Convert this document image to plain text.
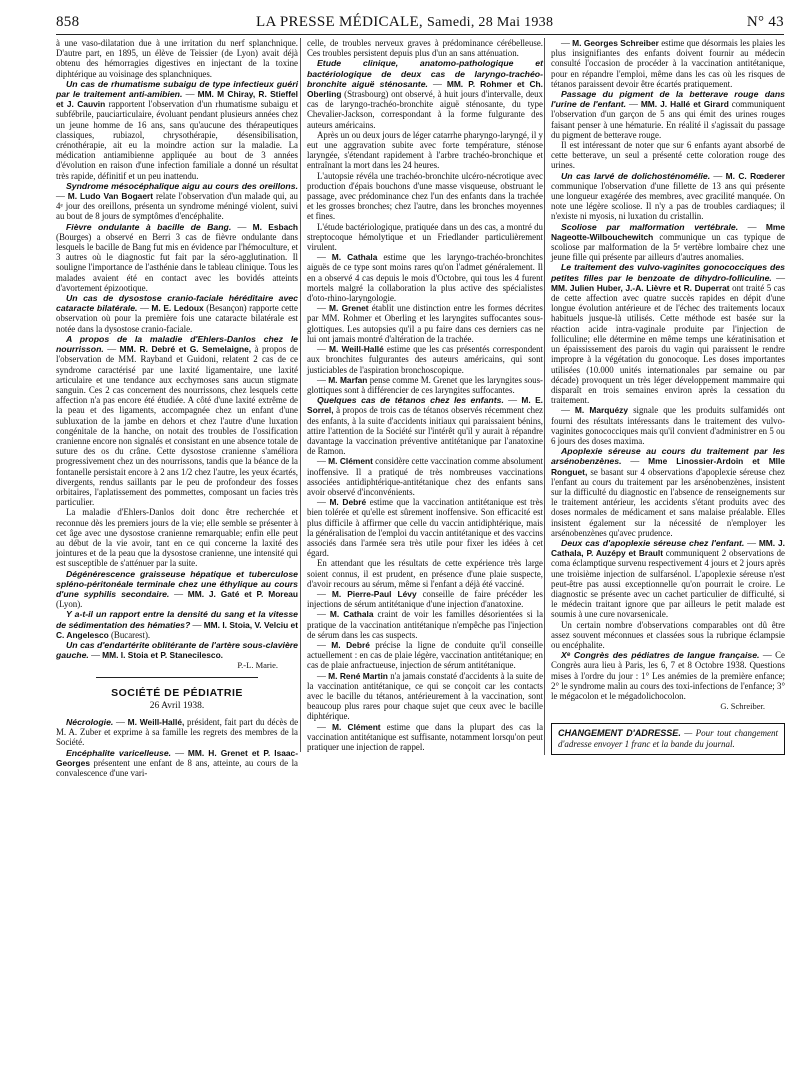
858	LA PRESSE MÉDICALE, Samedi, 28 Mai 1938	N° 43

à une vaso-dilatation due à une irritation du nerf splanchnique. D'autre part, en 1895, un élève de Teissier (de Lyon) avait déjà obtenu des hémorragies digestives en injectant de la toxine diphtérique au voisinage des splanchniques.

Un cas de rhumatisme subaigu de type infectieux guéri par le traitement anti-amibien. — MM. M Chiray, R. Stieffel et J. Cauvin rapportent l'observation d'un rhumatisme subaigu et subfébrile, pauciarticulaire, évoluant pendant plusieurs années chez un jeune homme de 16 ans, sans qu'aucune des thérapeutiques classiques, rubiazol, chrysothérapie, désensibilisation, crénothérapie, ait eu la moindre action sur la maladie. La médication antiamibienne appliquée au bout de 3 années d'évolution en raison d'une infection familiale a donné un résultat très rapide, définitif et un peu inattendu.

Syndrome mésocéphalique aigu au cours des oreillons. — M. Ludo Van Bogaert relate l'observation d'un malade qui, au 4ᵉ jour des oreillons, présenta un syndrome méningé violent, suivi au bout de 8 jours de symptômes d'encéphalite.

Fièvre ondulante à bacille de Bang. — M. Esbach (Bourges) a observé en Berri 3 cas de fièvre ondulante dans lesquels le bacille de Bang fut mis en évidence par l'hémoculture, et 3 autres où le diagnostic fut fait par la séro-agglutination. Il souligne l'importance de l'asthénie dans le tableau clinique. Tous les malades avaient été en contact avec les bovidés atteints d'avortement épizootique.

Un cas de dysostose cranio-faciale héréditaire avec cataracte bilatérale. — M. E. Ledoux (Besançon) rapporte cette observation où pour la première fois une cataracte bilatérale est notée dans la dysostose cranio-faciale.

A propos de la maladie d'Ehlers-Danlos chez le nourrisson. — MM. R. Debré et G. Semelaigne, à propos de l'observation de MM. Rayband et Guidoni, relatent 2 cas de ce syndrome caractérisé par une laxité ligamentaire, une laxité articulaire et une tendance aux ecchymoses sans aucun stigmate sanguin. Ces 2 cas concernent des nourrissons, chez lesquels cette affection n'a pas encore été étudiée. A côté d'une laxité extrême de la peau et des ligaments, accompagnée chez un enfant d'une subluxation de la jambe en dehors et chez l'autre d'une luxation congénitale de la hanche, on notait des troubles de l'ossification cranienne encore non signalés et consistant en une absence totale de suture des os du crâne. Cette dysostose cranienne s'améliora progressivement chez un des nourrissons, tandis que la béance de la fontanelle persistait encore à 2 ans 1/2 chez l'autre, les yeux écartés, divergents, rendus saillants par le peu de profondeur des fosses orbitaires, l'aplatissement des pommettes, composant un facies très particulier.

La maladie d'Ehlers-Danlos doit donc être recherchée et reconnue dès les premiers jours de la vie; elle semble se présenter à cet âge avec une dysostose cranienne remarquable; enfin elle peut au début de la vie avoir, tant en ce qui concerne la laxité des jointures et de la peau que la dysostose cranienne, une intensité qui est susceptible de s'atténuer par la suite.

Dégénérescence graisseuse hépatique et tuberculose spléno-péritonéale terminale chez une éthylique au cours d'une syphilis secondaire. — MM. J. Gaté et P. Moreau (Lyon).

Y a-t-il un rapport entre la densité du sang et la vitesse de sédimentation des hématies? — MM. I. Stoia, V. Velciu et C. Angelesco (Bucarest).

Un cas d'endartérite oblitérante de l'artère sous-clavière gauche. — MM. I. Stoia et P. Stanecilesco.

P.-L. Marie.
SOCIÉTÉ DE PÉDIATRIE
26 Avril 1938.

Nécrologie. — M. Weill-Hallé, président, fait part du décès de M. A. Zuber et exprime à sa famille les regrets des membres de la Société.

Encéphalite varicelleuse. — MM. H. Grenet et P. Isaac-Georges présentent une enfant de 8 ans, atteinte, au cours de la convalescence d'une vari-

celle, de troubles nerveux graves à prédominance cérébelleuse. Ces troubles persistent depuis plus d'un an sans atténuation.

Etude clinique, anatomo-pathologique et bactériologique de deux cas de laryngo-trachéo-bronchite aiguë sténosante. — MM. P. Rohmer et Ch. Oberling (Strasbourg) ont observé, à huit jours d'intervalle, deux cas de laryngo-trachéo-bronchite aiguë sténosante, du type Chevalier-Jackson, correspondant à la forme fulgurante des auteurs américains.

Après un ou deux jours de léger catarrhe pharyngo-laryngé, il y eut une aggravation subite avec forte température, sténose laryngée, s'étendant rapidement à l'arbre trachéo-bronchique et entraînant la mort dans les 24 heures.

L'autopsie révéla une trachéo-bronchite ulcéro-nécrotique avec production d'épais bouchons d'une masse visqueuse, obstruant le passage, avec prédominance chez l'un des enfants dans la trachée et les grosses bronches; chez l'autre, dans les bronches moyennes et fines.

L'étude bactériologique, pratiquée dans un des cas, a montré du streptocoque hémolytique et un Friedlander particulièrement virulent.

— M. Cathala estime que les laryngo-trachéo-bronchites aiguës de ce type sont moins rares qu'on l'admet généralement. Il en a observé 4 cas depuis le mois d'Octobre, qui tous les 4 furent mortels malgré la collaboration la plus active des spécialistes d'oto-rhino-laryngologie.

— M. Grenet établit une distinction entre les formes décrites par MM. Rohmer et Oberling et les laryngites suffocantes sous-glottiques. Les autopsies qu'il a pu faire dans ces derniers cas ne lui ont jamais montré d'altération de la trachée.

— M. Weill-Hallé estime que les cas présentés correspondent aux bronchites fulgurantes des auteurs américains, qui sont justiciables de l'aspiration bronchoscopique.

— M. Marfan pense comme M. Grenet que les laryngites sous-glottiques sont à différencier de ces laryngites suffocantes.

Quelques cas de tétanos chez les enfants. — M. E. Sorrel, à propos de trois cas de tétanos observés récemment chez des enfants, à la suite d'accidents initiaux qui paraissaient bénins, attire l'attention de la Société sur l'intérêt qu'il y aurait à répandre davantage la vaccination préventive antitétanique par l'anatoxine de Ramon.

— M. Clément considère cette vaccination comme absolument inoffensive. Il a pratiqué de très nombreuses vaccinations associées antidiphtérique-antitétanique chez des enfants sans avoir observé d'inconvénients.

— M. Debré estime que la vaccination antitétanique est très bien tolérée et qu'elle est sûrement inoffensive. Son efficacité est plus difficile à affirmer que celle du vaccin antidiphtérique, mais la généralisation de l'emploi du vaccin antitétanique et des vaccins associés dans l'armée sera très utile pour fixer les idées à cet égard.

En attendant que les résultats de cette expérience très large soient connus, il est prudent, en présence d'une plaie suspecte, d'avoir recours au sérum, même si l'enfant a déjà été vacciné.

— M. Pierre-Paul Lévy conseille de faire précéder les injections de sérum antitétanique d'une injection d'anatoxine.

— M. Cathala craint de voir les familles désorientées si la pratique de la vaccination antitétanique n'empêche pas l'injection de sérum dans les cas suspects.

— M. Debré précise la ligne de conduite qu'il conseille actuellement : en cas de plaie légère, vaccination antitétanique; en cas de plaie anfractueuse, injection de sérum antitétanique.

— M. René Martin n'a jamais constaté d'accidents à la suite de la vaccination antitétanique, ce qui se conçoit car les contacts avec le bacille du tétanos, antérieurement à la vaccination, sont beaucoup plus rares pour chaque sujet que ceux avec le bacille diphtérique.

— M. Clément estime que dans la plupart des cas la vaccination antitétanique est suffisante, notamment lorsqu'on peut pratiquer une injection de rappel.

— M. Georges Schreiber estime que désormais les plaies les plus insignifiantes des enfants doivent fournir au médecin consulté l'occasion de procéder à la vaccination antitétanique, pour en répandre l'emploi, même dans les cas où les risques de tétanos paraissent devoir être écartés pratiquement.

Passage du pigment de la betterave rouge dans l'urine de l'enfant. — MM. J. Hallé et Girard communiquent l'observation d'un garçon de 5 ans qui émit des urines rouges faisant penser à une hématurie. En réalité il s'agissait du passage du pigment de betterave rouge.

Il est intéressant de noter que sur 6 enfants ayant absorbé de cette betterave, un seul a présenté cette coloration rouge des urines.

Un cas larvé de dolichosténomélie. — M. C. Rœderer communique l'observation d'une fillette de 13 ans qui présente une longueur exagérée des membres, avec gracilité manquée. On note une légère scoliose. Il n'y a pas de troubles cardiaques; il n'existe ni myosis, ni luxation du cristallin.

Scoliose par malformation vertébrale. — Mme Nageotte-Wilbouchewitch communique un cas typique de scoliose par malformation de la 5ᵉ vertèbre lombaire chez une jeune fille qui présente par ailleurs d'autres anomalies.

Le traitement des vulvo-vaginites gonococciques des petites filles par le benzoate de dihydro-folliculine. — MM. Julien Huber, J.-A. Lièvre et R. Duperrat ont traité 5 cas de cette affection avec quatre succès rapides en dépit d'une longue évolution antérieure et de l'échec des traitements locaux habituels jusque-là utilisés. Cette méthode est basée sur la réaction acide intra-vaginale produite par l'injection de folliculine; elle détermine en même temps une kératinisation et un épaississement des parois du vagin qui paraissent le rendre impropre à la végétation du gonocoque. Les doses importantes utilisées (10.000 unités internationales par semaine ou par décade) provoquent un très léger développement mammaire qui disparaît en trois semaines environ après la cessation du traitement.

— M. Marquézy signale que les produits sulfamidés ont fourni des résultats intéressants dans le traitement des vulvo-vaginites gonococciques mais qu'il convient d'administrer en 5 ou 6 jours des doses maxima.

Apoplexie séreuse au cours du traitement par les arsénobenzènes. — Mme Linossier-Ardoin et Mlle Ronguet, se basant sur 4 observations d'apoplexie séreuse chez l'enfant au cours du traitement par les arsénobenzènes, insistent sur la difficulté du diagnostic en l'absence de renseignements sur le traitement antérieur, les accidents s'étant produits avec des doses normales de médicament et sans malaise préalable. Elles insistent également sur la nécessité de n'employer les arsénobenzènes qu'avec prudence.

Deux cas d'apoplexie séreuse chez l'enfant. — MM. J. Cathala, P. Auzépy et Brault communiquent 2 observations de coma éclamptique survenu respectivement 4 jours et 2 jours après une troisième injection de sulfarsénol. L'apoplexie séreuse n'est peut-être pas aussi exceptionnelle qu'on pourrait le croire. Le diagnostic se présente avec un cachet particulier de difficulté, si le médecin traitant ignore que par ailleurs le petit malade est soumis à une cure novarsenicale.

Un certain nombre d'observations comparables ont dû être assez souvent méconnues et classées sous la rubrique éclampsie ou encéphalite.

Xᵉ Congrès des pédiatres de langue française. — Ce Congrès aura lieu à Paris, les 6, 7 et 8 Octobre 1938. Questions mises à l'ordre du jour : 1° Les anémies de la première enfance; 2° le syndrome malin au cours des toxi-infections de l'enfance; 3° le mégacolon et le mégadolichocolon.

G. Schreiber.
CHANGEMENT D'ADRESSE. — Pour tout changement d'adresse envoyer 1 franc et la bande du journal.
